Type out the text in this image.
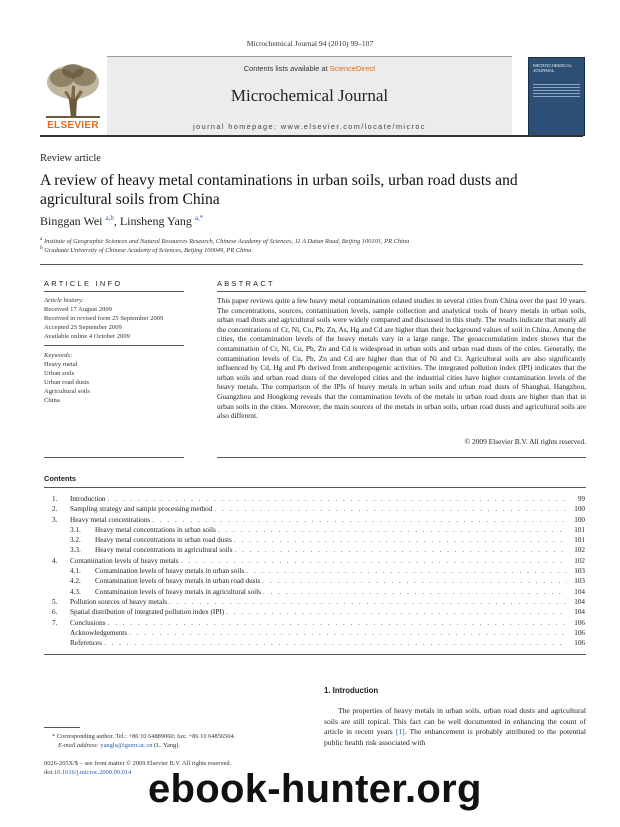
Microchemical Journal 94 (2010) 99–107
ELSEVIER
Contents lists available at ScienceDirect
Microchemical Journal
journal homepage: www.elsevier.com/locate/microc
MICROCHEMICAL JOURNAL
Review article
A review of heavy metal contaminations in urban soils, urban road dusts and agricultural soils from China
Binggan Wei $^{a,b}$, Linsheng Yang $^{a,*}$
$^a$ Institute of Geographic Sciences and Natural Resources Research, Chinese Academy of Sciences, 11 A Datun Road, Beijing 100101, PR China
$^b$ Graduate University of Chinese Academy of Sciences, Beijing 100049, PR China
ARTICLE INFO
Article history:
Received 17 August 2009
Received in revised form 25 September 2009
Accepted 25 September 2009
Available online 4 October 2009
Keywords:
Heavy metal
Urban soils
Urban road dusts
Agricultural soils
China
ABSTRACT
This paper reviews quite a few heavy metal contamination related studies in several cities from China over the past 10 years. The concentrations, sources, contamination levels, sample collection and analytical tools of heavy metals in urban soils, urban road dusts and agricultural soils were widely compared and discussed in this study. The results indicate that nearly all the concentrations of Cr, Ni, Cu, Pb, Zn, As, Hg and Cd are higher than their background values of soil in China. Among the cities, the contamination levels of the heavy metals vary in a large range. The geoaccumulation index shows that the contamination of Cr, Ni, Cu, Pb, Zn and Cd is widespread in urban soils and urban road dusts of the cities. Generally, the contamination levels of Cu, Pb, Zn and Cd are higher than that of Ni and Cr. Agricultural soils are also significantly influenced by Cd, Hg and Pb derived from anthropogenic activities. The integrated pollution index (IPI) indicates that the urban soils and urban road dusts of the developed cities and the industrial cities have higher contamination levels of the heavy metals. The comparison of the IPIs of heavy metals in urban soils and urban road dusts of Shanghai, Hangzhou, Guangzhou and Hongkong reveals that the contamination levels of the metals in urban road dusts are higher than that in urban soils in the cities. Moreover, the main sources of the metals in urban soils, urban road dusts and agricultural soils are also different.
© 2009 Elsevier B.V. All rights reserved.
Contents
1.	Introduction . . .	99
2.	Sampling strategy and sample processing method . . .	100
3.	Heavy metal concentrations . . .	100
3.1.	Heavy metal concentrations in urban soils . . .	101
3.2.	Heavy metal concentrations in urban road dusts . . .	101
3.3.	Heavy metal concentrations in agricultural soils . . .	102
4.	Contamination levels of heavy metals . . .	102
4.1.	Contamination levels of heavy metals in urban soils . . .	103
4.2.	Contamination levels of heavy metals in urban road dusts . . .	103
4.3.	Contamination levels of heavy metals in agricultural soils . . .	104
5.	Pollution sources of heavy metals . . .	104
6.	Spatial distribution of integrated pollution index (IPI) . . .	104
7.	Conclusions . . .	106
Acknowledgements . . .	106
References . . .	106
1. Introduction
The properties of heavy metals in urban soils, urban road dusts and agricultural soils are still topical. This fact can be well documented in enhancing the count of article in recent years [1]. The enhancement is probably attributed to the potential public health risk associated with
* Corresponding author. Tel.: +86 10 64889060; fax: +86 10 64856504.
E-mail address: yangls@igsnrr.ac.cn (L. Yang).
0026-265X/$ – see front matter © 2009 Elsevier B.V. All rights reserved.
doi:10.1016/j.microc.2009.09.014 ebook-hunter.org
